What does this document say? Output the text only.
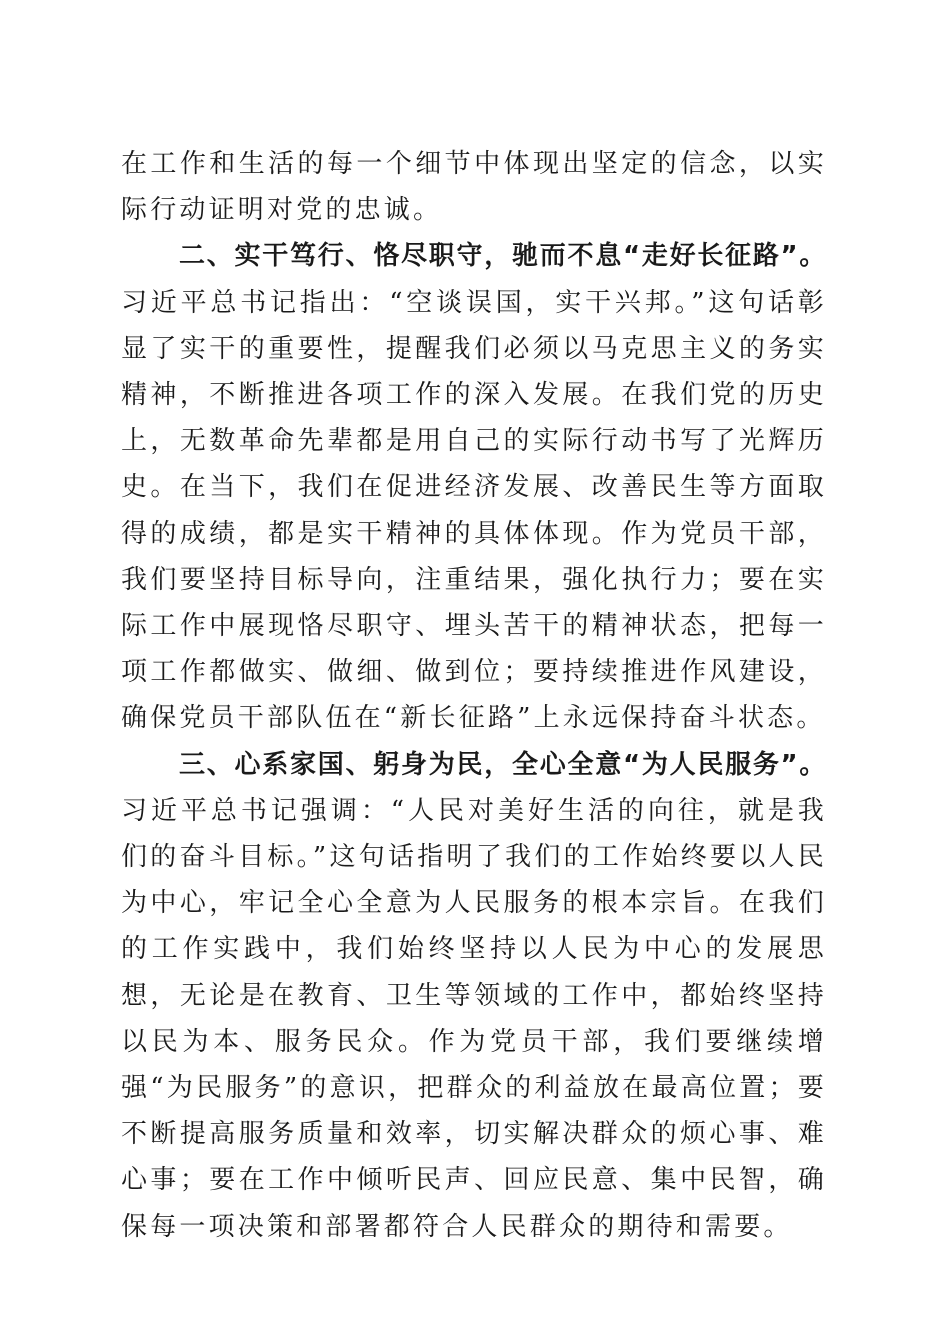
在工作和生活的每一个细节中体现出坚定的信念，以实际行动证明对党的忠诚。

二、实干笃行、恪尽职守，驰而不息“走好长征路”。习近平总书记指出：“空谈误国，实干兴邦。”这句话彰显了实干的重要性，提醒我们必须以马克思主义的务实精神，不断推进各项工作的深入发展。在我们党的历史上，无数革命先辈都是用自己的实际行动书写了光辉历史。在当下，我们在促进经济发展、改善民生等方面取得的成绩，都是实干精神的具体体现。作为党员干部，我们要坚持目标导向，注重结果，强化执行力；要在实际工作中展现恪尽职守、埋头苦干的精神状态，把每一项工作都做实、做细、做到位；要持续推进作风建设，确保党员干部队伍在“新长征路”上永远保持奋斗状态。

三、心系家国、躬身为民，全心全意“为人民服务”。习近平总书记强调：“人民对美好生活的向往，就是我们的奋斗目标。”这句话指明了我们的工作始终要以人民为中心，牢记全心全意为人民服务的根本宗旨。在我们的工作实践中，我们始终坚持以人民为中心的发展思想，无论是在教育、卫生等领域的工作中，都始终坚持以民为本、服务民众。作为党员干部，我们要继续增强“为民服务”的意识，把群众的利益放在最高位置；要不断提高服务质量和效率，切实解决群众的烦心事、难心事；要在工作中倾听民声、回应民意、集中民智，确保每一项决策和部署都符合人民群众的期待和需要。
